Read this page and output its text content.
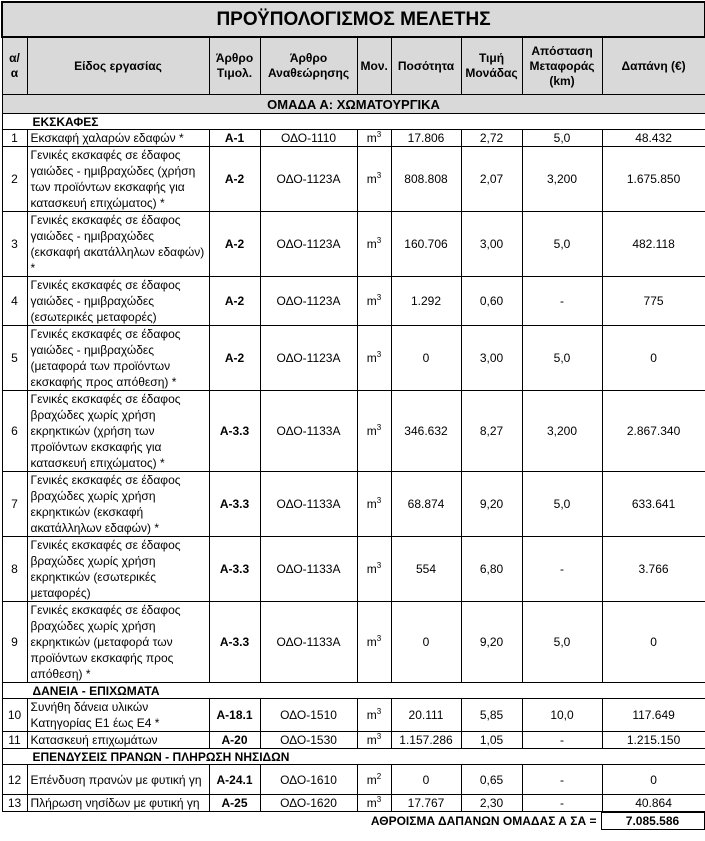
ΠΡΟΫΠΟΛΟΓΙΣΜΟΣ ΜΕΛΕΤΗΣ								
α/α	Είδος εργασίας	Άρθρο Τιμολ.	Άρθρο Αναθεώρησης	Μον.	Ποσότητα	Τιμή Μονάδας	Απόσταση Μεταφοράς (km)	Δαπάνη (€)
ΟΜΑΔΑ Α: ΧΩΜΑΤΟΥΡΓΙΚΑ								
ΕΚΣΚΑΦΕΣ								
1	Εκσκαφή χαλαρών εδαφών *	Α-1	ΟΔΟ-1110	$m^3$	17.806	2,72	5,0	48.432
2	Γενικές εκσκαφές σε έδαφος γαιώδες - ημιβραχώδες (χρήση των προϊόντων εκσκαφής για κατασκευή επιχώματος) *	Α-2	ΟΔΟ-1123Α	$m^3$	808.808	2,07	3,200	1.675.850
3	Γενικές εκσκαφές σε έδαφος γαιώδες - ημιβραχώδες (εκσκαφή ακατάλληλων εδαφών) *	Α-2	ΟΔΟ-1123Α	$m^3$	160.706	3,00	5,0	482.118
4	Γενικές εκσκαφές σε έδαφος γαιώδες - ημιβραχώδες (εσωτερικές μεταφορές)	Α-2	ΟΔΟ-1123Α	$m^3$	1.292	0,60	-	775
5	Γενικές εκσκαφές σε έδαφος γαιώδες - ημιβραχώδες (μεταφορά των προϊόντων εκσκαφής προς απόθεση) *	Α-2	ΟΔΟ-1123Α	$m^3$	0	3,00	5,0	0
6	Γενικές εκσκαφές σε έδαφος βραχώδες χωρίς χρήση εκρηκτικών (χρήση των προϊόντων εκσκαφής για κατασκευή επιχώματος) *	Α-3.3	ΟΔΟ-1133Α	$m^3$	346.632	8,27	3,200	2.867.340
7	Γενικές εκσκαφές σε έδαφος βραχώδες χωρίς χρήση εκρηκτικών (εκσκαφή ακατάλληλων εδαφών) *	Α-3.3	ΟΔΟ-1133Α	$m^3$	68.874	9,20	5,0	633.641
8	Γενικές εκσκαφές σε έδαφος βραχώδες χωρίς χρήση εκρηκτικών (εσωτερικές μεταφορές)	Α-3.3	ΟΔΟ-1133Α	$m^3$	554	6,80	-	3.766
9	Γενικές εκσκαφές σε έδαφος βραχώδες χωρίς χρήση εκρηκτικών (μεταφορά των προϊόντων εκσκαφής προς απόθεση) *	Α-3.3	ΟΔΟ-1133Α	$m^3$	0	9,20	5,0	0
ΔΑΝΕΙΑ - ΕΠΙΧΩΜΑΤΑ								
10	Συνήθη δάνεια υλικών Κατηγορίας Ε1 έως Ε4 *	Α-18.1	ΟΔΟ-1510	$m^3$	20.111	5,85	10,0	117.649
11	Κατασκευή επιχωμάτων	Α-20	ΟΔΟ-1530	$m^3$	1.157.286	1,05	-	1.215.150
ΕΠΕΝΔΥΣΕΙΣ ΠΡΑΝΩΝ - ΠΛΗΡΩΣΗ ΝΗΣΙΔΩΝ								
12	Επένδυση πρανών με φυτική γη	Α-24.1	ΟΔΟ-1610	$m^2$	0	0,65	-	0
13	Πλήρωση νησίδων με φυτική γη	Α-25	ΟΔΟ-1620	$m^3$	17.767	2,30	-	40.864
ΑΘΡΟΙΣΜΑ ΔΑΠΑΝΩΝ ΟΜΑΔΑΣ Α ΣΑ =	7.085.586
